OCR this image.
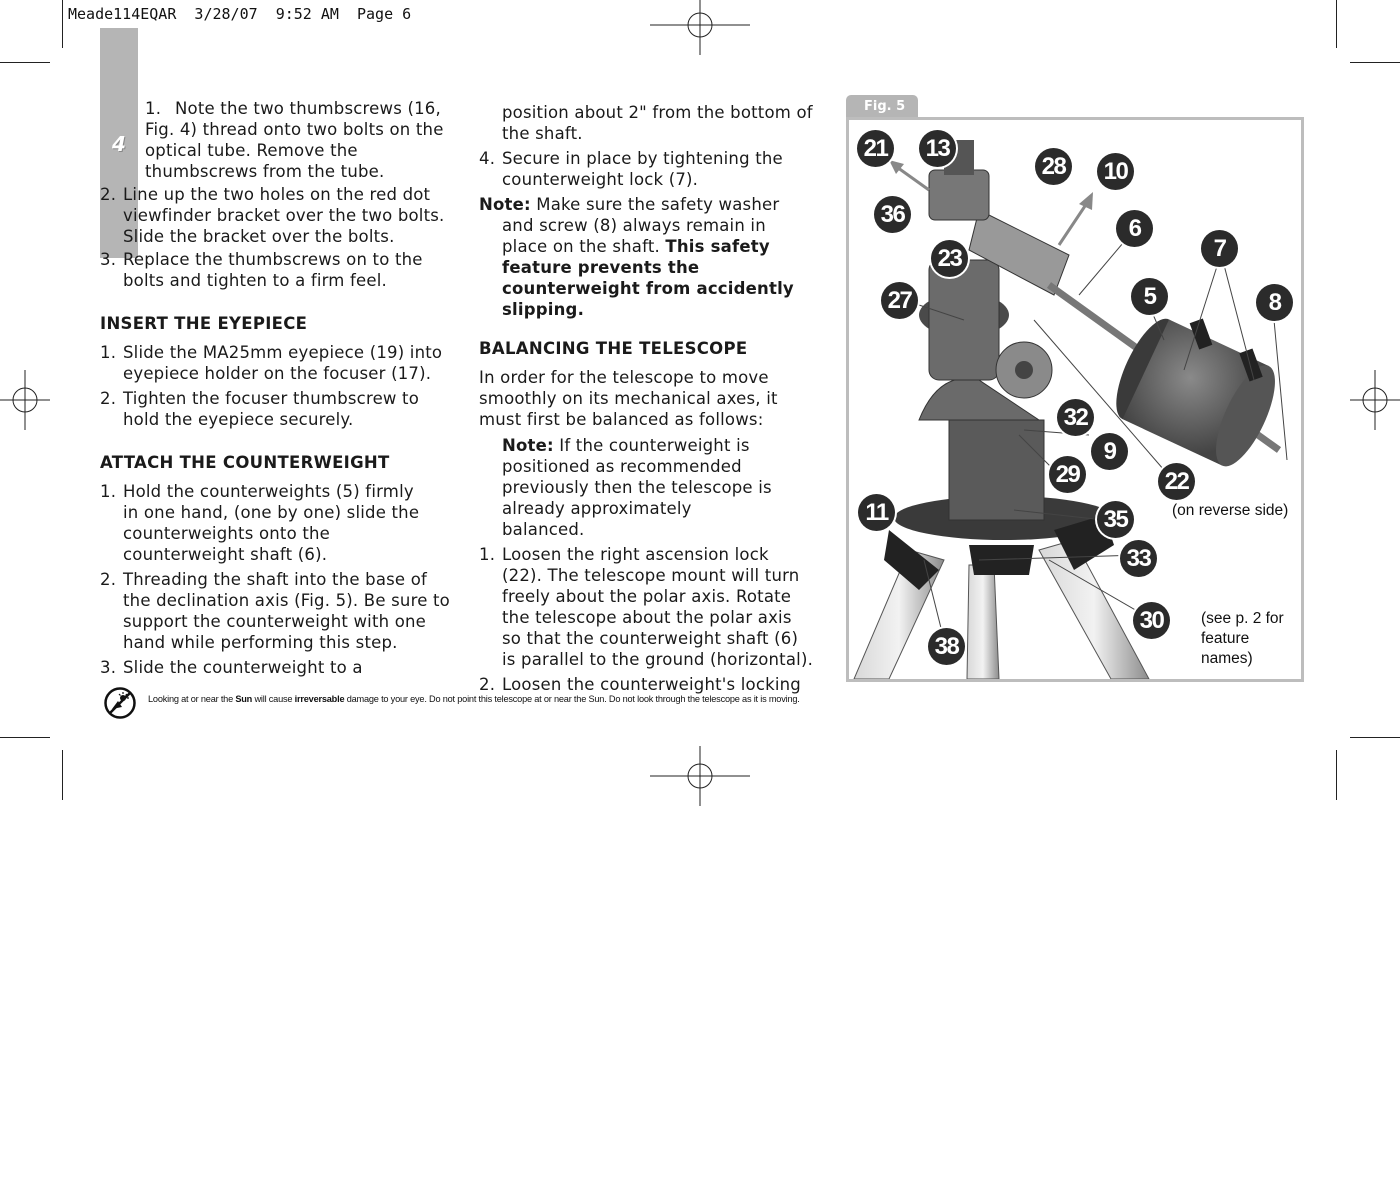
Meade114EQAR  3/28/07  9:52 AM  Page 6
4
1. Note the two thumbscrews (16, Fig. 4) thread onto two bolts on the optical tube. Remove the thumbscrews from the tube.
2. Line up the two holes on the red dot viewfinder bracket over the two bolts. Slide the bracket over the bolts.
3. Replace the thumbscrews on to the bolts and tighten to a firm feel.
INSERT THE EYEPIECE
1. Slide the MA25mm eyepiece (19) into eyepiece holder on the focuser (17).
2. Tighten the focuser thumbscrew to hold the eyepiece securely.
ATTACH THE COUNTERWEIGHT
1. Hold the counterweights (5) firmly in one hand, (one by one) slide the counterweights onto the counterweight shaft (6).
2. Threading the shaft into the base of the declination axis (Fig. 5). Be sure to support the counterweight with one hand while performing this step.
3. Slide the counterweight to a
position about 2" from the bottom of the shaft.
4. Secure in place by tightening the counterweight lock (7).
Note: Make sure the safety washer and screw (8) always remain in place on the shaft. This safety feature prevents the counterweight from accidently slipping.
BALANCING THE TELESCOPE
In order for the telescope to move smoothly on its mechanical axes, it must first be balanced as follows:
Note: If the counterweight is positioned as recommended previously then the telescope is already approximately balanced.
1. Loosen the right ascension lock (22). The telescope mount will turn freely about the polar axis. Rotate the telescope about the polar axis so that the counterweight shaft (6) is parallel to the ground (horizontal).
2. Loosen the counterweight's locking
Fig. 5
21 13
28 10
36
6
23	7
5	8
27
32
9
29	22
11	35
33
30
38
(on reverse side)
(see p. 2 for feature names)
Looking at or near the Sun will cause irreversable damage to your eye. Do not point this telescope at or near the Sun. Do not look through the telescope as it is moving.
